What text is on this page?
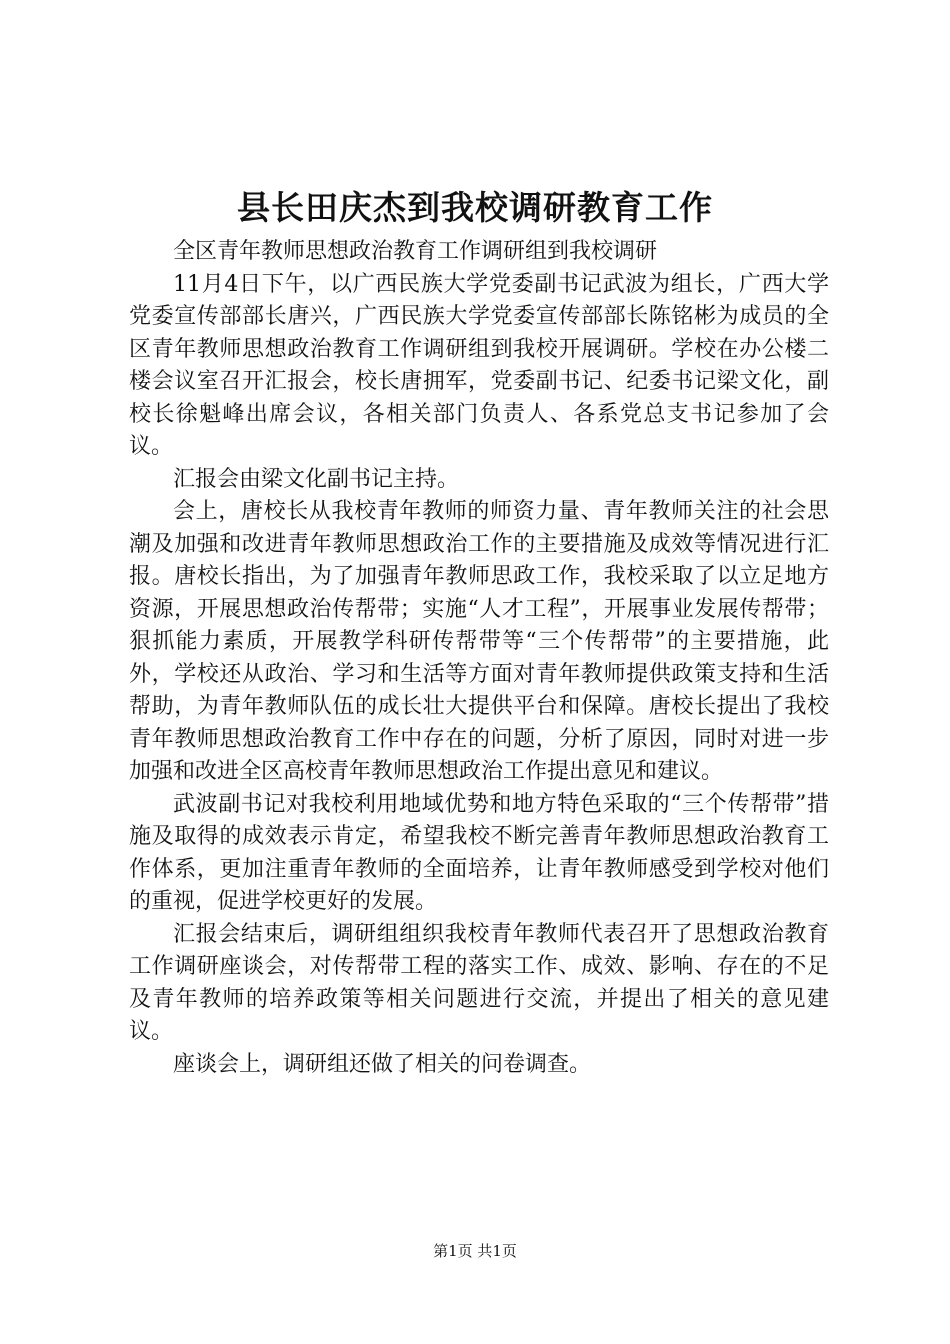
县长田庆杰到我校调研教育工作

全区青年教师思想政治教育工作调研组到我校调研

11月4日下午，以广西民族大学党委副书记武波为组长，广西大学党委宣传部部长唐兴，广西民族大学党委宣传部部长陈铭彬为成员的全区青年教师思想政治教育工作调研组到我校开展调研。学校在办公楼二楼会议室召开汇报会，校长唐拥军，党委副书记、纪委书记梁文化，副校长徐魁峰出席会议，各相关部门负责人、各系党总支书记参加了会议。

汇报会由梁文化副书记主持。

会上，唐校长从我校青年教师的师资力量、青年教师关注的社会思潮及加强和改进青年教师思想政治工作的主要措施及成效等情况进行汇报。唐校长指出，为了加强青年教师思政工作，我校采取了以立足地方资源，开展思想政治传帮带；实施“人才工程”，开展事业发展传帮带；狠抓能力素质，开展教学科研传帮带等“三个传帮带”的主要措施，此外，学校还从政治、学习和生活等方面对青年教师提供政策支持和生活帮助，为青年教师队伍的成长壮大提供平台和保障。唐校长提出了我校青年教师思想政治教育工作中存在的问题，分析了原因，同时对进一步加强和改进全区高校青年教师思想政治工作提出意见和建议。

武波副书记对我校利用地域优势和地方特色采取的“三个传帮带”措施及取得的成效表示肯定，希望我校不断完善青年教师思想政治教育工作体系，更加注重青年教师的全面培养，让青年教师感受到学校对他们的重视，促进学校更好的发展。

汇报会结束后，调研组组织我校青年教师代表召开了思想政治教育工作调研座谈会，对传帮带工程的落实工作、成效、影响、存在的不足及青年教师的培养政策等相关问题进行交流，并提出了相关的意见建议。

座谈会上，调研组还做了相关的问卷调查。

第1页 共1页
